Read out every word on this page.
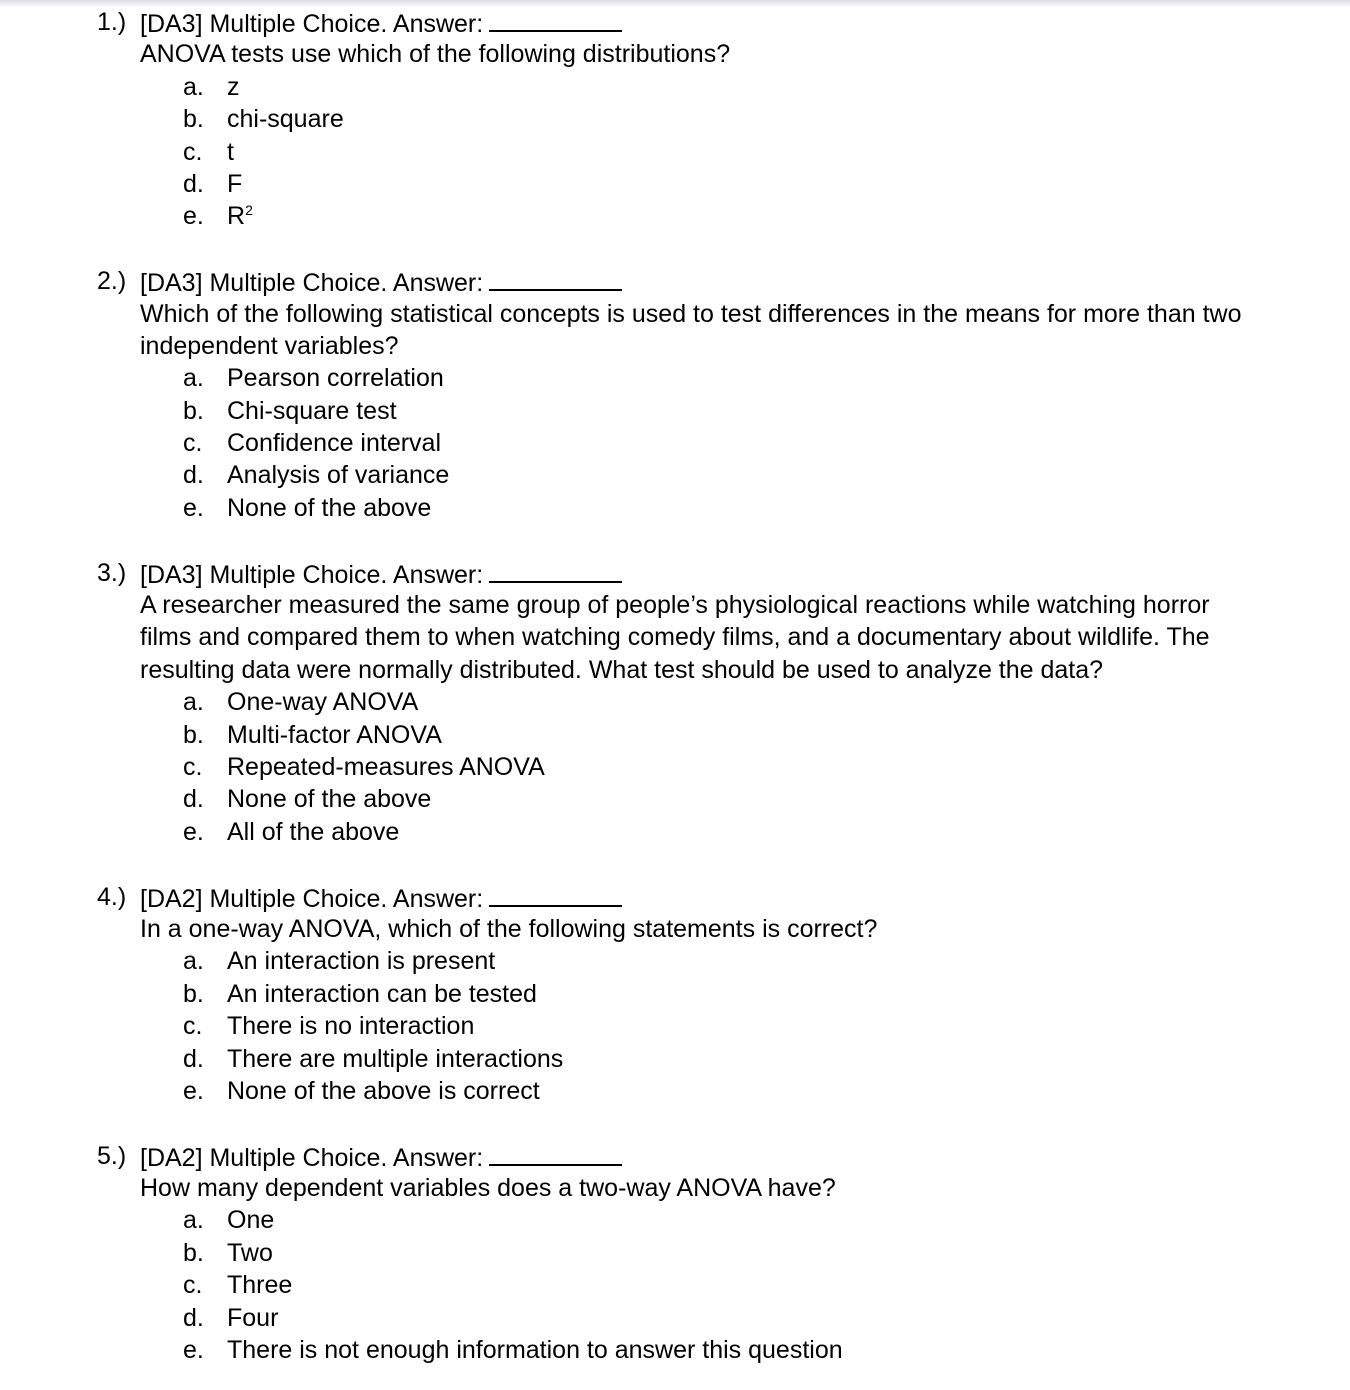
1.) [DA3] Multiple Choice. Answer:
ANOVA tests use which of the following distributions?
a. z
b. chi-square
c. t
d. F
e. $R^2$
2.) [DA3] Multiple Choice. Answer:
Which of the following statistical concepts is used to test differences in the means for more than two
independent variables?
a. Pearson correlation
b. Chi-square test
c. Confidence interval
d. Analysis of variance
e. None of the above
3.) [DA3] Multiple Choice. Answer:
A researcher measured the same group of people’s physiological reactions while watching horror
films and compared them to when watching comedy films, and a documentary about wildlife. The
resulting data were normally distributed. What test should be used to analyze the data?
a. One-way ANOVA
b. Multi-factor ANOVA
c. Repeated-measures ANOVA
d. None of the above
e. All of the above
4.) [DA2] Multiple Choice. Answer:
In a one-way ANOVA, which of the following statements is correct?
a. An interaction is present
b. An interaction can be tested
c. There is no interaction
d. There are multiple interactions
e. None of the above is correct
5.) [DA2] Multiple Choice. Answer:
How many dependent variables does a two-way ANOVA have?
a. One
b. Two
c. Three
d. Four
e. There is not enough information to answer this question
